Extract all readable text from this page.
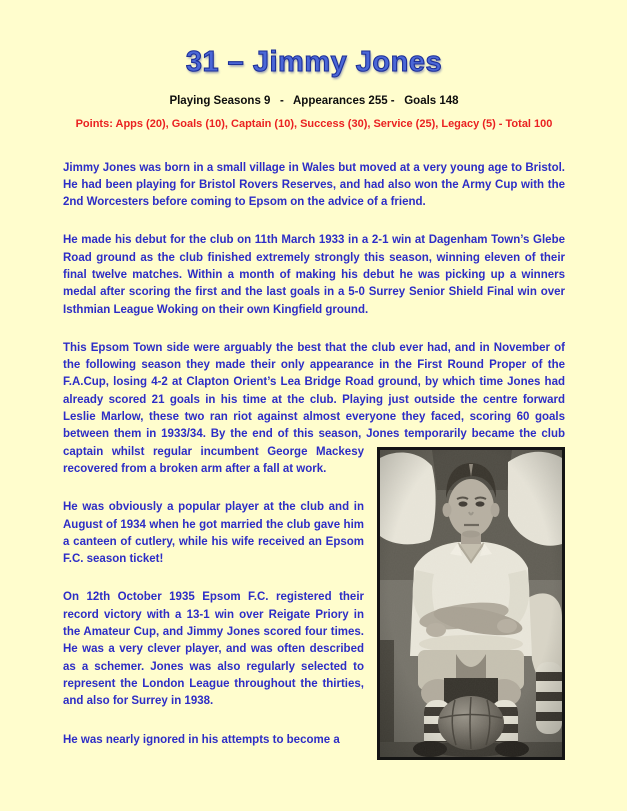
31 – Jimmy Jones

Playing Seasons 9   -   Appearances 255 -   Goals 148

Points: Apps (20), Goals (10), Captain (10), Success (30), Service (25), Legacy (5) - Total 100

Jimmy Jones was born in a small village in Wales but moved at a very young age to Bristol. He had been playing for Bristol Rovers Reserves, and had also won the Army Cup with the 2nd Worcesters before coming to Epsom on the advice of a friend.

He made his debut for the club on 11th March 1933 in a 2-1 win at Dagenham Town’s Glebe Road ground as the club finished extremely strongly this season, winning eleven of their final twelve matches. Within a month of making his debut he was picking up a winners medal after scoring the first and the last goals in a 5-0 Surrey Senior Shield Final win over Isthmian League Woking on their own Kingfield ground.

This Epsom Town side were arguably the best that the club ever had, and in November of the following season they made their only appearance in the First Round Proper of the F.A.Cup, losing 4-2 at Clapton Orient’s Lea Bridge Road ground, by which time Jones had already scored 21 goals in his time at the club. Playing just outside the centre forward Leslie Marlow, these two ran riot against almost everyone they faced, scoring 60 goals between them in 1933/34. By the end of this season, Jones temporarily became the club captain whilst regular incumbent George Mackesy recovered from a broken arm after a fall at work.

He was obviously a popular player at the club and in August of 1934 when he got married the club gave him a canteen of cutlery, while his wife received an Epsom F.C. season ticket!

On 12th October 1935 Epsom F.C. registered their record victory with a 13-1 win over Reigate Priory in the Amateur Cup, and Jimmy Jones scored four times. He was a very clever player, and was often described as a schemer. Jones was also regularly selected to represent the London League throughout the thirties, and also for Surrey in 1938.

He was nearly ignored in his attempts to become a
